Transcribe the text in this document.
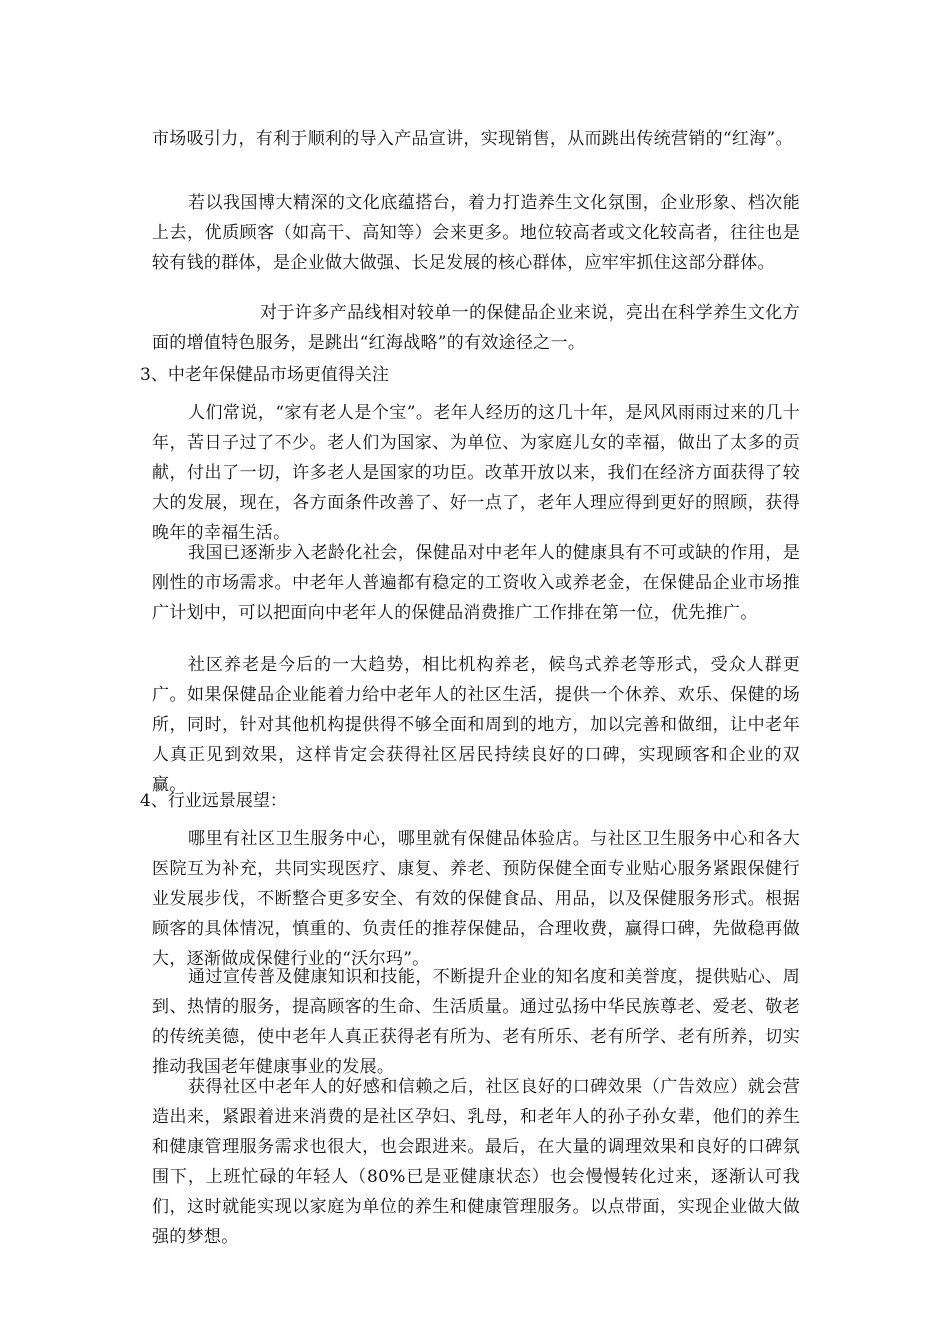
市场吸引力，有利于顺利的导入产品宣讲，实现销售，从而跳出传统营销的“红海”。

若以我国博大精深的文化底蕴搭台，着力打造养生文化氛围，企业形象、档次能上去，优质顾客（如高干、高知等）会来更多。地位较高者或文化较高者，往往也是较有钱的群体，是企业做大做强、长足发展的核心群体，应牢牢抓住这部分群体。

对于许多产品线相对较单一的保健品企业来说，亮出在科学养生文化方面的增值特色服务，是跳出“红海战略”的有效途径之一。

3、中老年保健品市场更值得关注

人们常说，“家有老人是个宝”。老年人经历的这几十年，是风风雨雨过来的几十年，苦日子过了不少。老人们为国家、为单位、为家庭儿女的幸福，做出了太多的贡献，付出了一切，许多老人是国家的功臣。改革开放以来，我们在经济方面获得了较大的发展，现在，各方面条件改善了、好一点了，老年人理应得到更好的照顾，获得晚年的幸福生活。

我国已逐渐步入老龄化社会，保健品对中老年人的健康具有不可或缺的作用，是刚性的市场需求。中老年人普遍都有稳定的工资收入或养老金，在保健品企业市场推广计划中，可以把面向中老年人的保健品消费推广工作排在第一位，优先推广。

社区养老是今后的一大趋势，相比机构养老，候鸟式养老等形式，受众人群更广。如果保健品企业能着力给中老年人的社区生活，提供一个休养、欢乐、保健的场所，同时，针对其他机构提供得不够全面和周到的地方，加以完善和做细，让中老年人真正见到效果，这样肯定会获得社区居民持续良好的口碑，实现顾客和企业的双赢。

4、行业远景展望：

哪里有社区卫生服务中心，哪里就有保健品体验店。与社区卫生服务中心和各大医院互为补充，共同实现医疗、康复、养老、预防保健全面专业贴心服务紧跟保健行业发展步伐，不断整合更多安全、有效的保健食品、用品，以及保健服务形式。根据顾客的具体情况，慎重的、负责任的推荐保健品，合理收费，赢得口碑，先做稳再做大，逐渐做成保健行业的“沃尔玛”。

通过宣传普及健康知识和技能，不断提升企业的知名度和美誉度，提供贴心、周到、热情的服务，提高顾客的生命、生活质量。通过弘扬中华民族尊老、爱老、敬老的传统美德，使中老年人真正获得老有所为、老有所乐、老有所学、老有所养，切实推动我国老年健康事业的发展。

获得社区中老年人的好感和信赖之后，社区良好的口碑效果（广告效应）就会营造出来，紧跟着进来消费的是社区孕妇、乳母，和老年人的孙子孙女辈，他们的养生和健康管理服务需求也很大，也会跟进来。最后，在大量的调理效果和良好的口碑氛围下，上班忙碌的年轻人（80%已是亚健康状态）也会慢慢转化过来，逐渐认可我们，这时就能实现以家庭为单位的养生和健康管理服务。以点带面，实现企业做大做强的梦想。
